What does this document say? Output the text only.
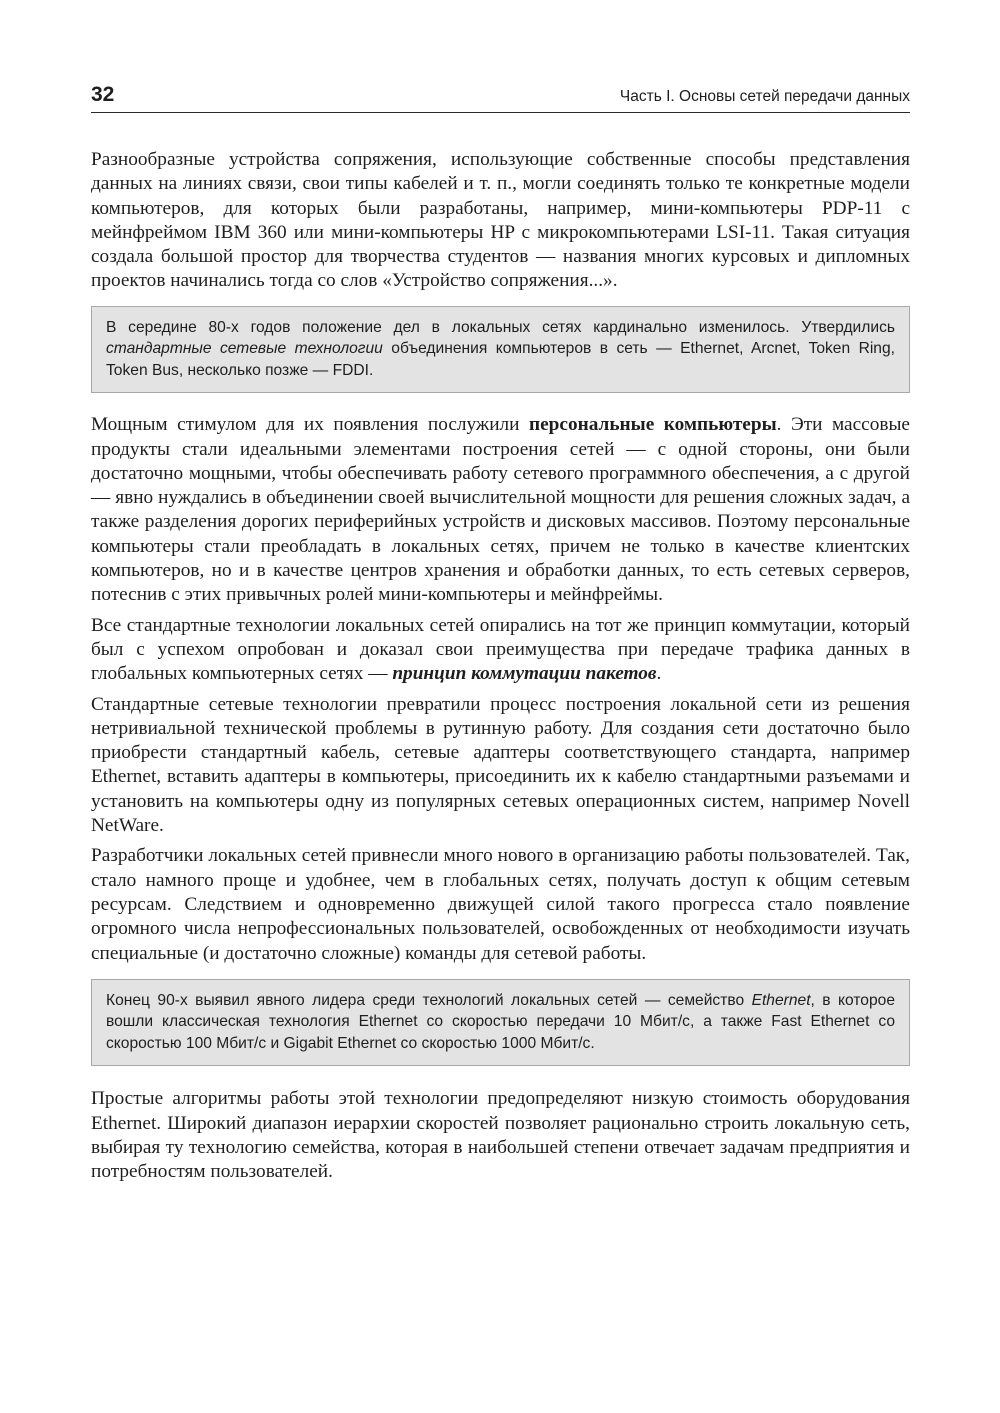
32	Часть I. Основы сетей передачи данных

Разнообразные устройства сопряжения, использующие собственные способы представления данных на линиях связи, свои типы кабелей и т. п., могли соединять только те конкретные модели компьютеров, для которых были разработаны, например, мини-компьютеры PDP-11 с мейнфреймом IBM 360 или мини-компьютеры HP с микрокомпьютерами LSI-11. Такая ситуация создала большой простор для творчества студентов — названия многих курсовых и дипломных проектов начинались тогда со слов «Устройство сопряжения...».

В середине 80-х годов положение дел в локальных сетях кардинально изменилось. Утвердились стандартные сетевые технологии объединения компьютеров в сеть — Ethernet, Arcnet, Token Ring, Token Bus, несколько позже — FDDI.

Мощным стимулом для их появления послужили персональные компьютеры. Эти массовые продукты стали идеальными элементами построения сетей — с одной стороны, они были достаточно мощными, чтобы обеспечивать работу сетевого программного обеспечения, а с другой — явно нуждались в объединении своей вычислительной мощности для решения сложных задач, а также разделения дорогих периферийных устройств и дисковых массивов. Поэтому персональные компьютеры стали преобладать в локальных сетях, причем не только в качестве клиентских компьютеров, но и в качестве центров хранения и обработки данных, то есть сетевых серверов, потеснив с этих привычных ролей мини-компьютеры и мейнфреймы.

Все стандартные технологии локальных сетей опирались на тот же принцип коммутации, который был с успехом опробован и доказал свои преимущества при передаче трафика данных в глобальных компьютерных сетях — принцип коммутации пакетов.

Стандартные сетевые технологии превратили процесс построения локальной сети из решения нетривиальной технической проблемы в рутинную работу. Для создания сети достаточно было приобрести стандартный кабель, сетевые адаптеры соответствующего стандарта, например Ethernet, вставить адаптеры в компьютеры, присоединить их к кабелю стандартными разъемами и установить на компьютеры одну из популярных сетевых операционных систем, например Novell NetWare.

Разработчики локальных сетей привнесли много нового в организацию работы пользователей. Так, стало намного проще и удобнее, чем в глобальных сетях, получать доступ к общим сетевым ресурсам. Следствием и одновременно движущей силой такого прогресса стало появление огромного числа непрофессиональных пользователей, освобожденных от необходимости изучать специальные (и достаточно сложные) команды для сетевой работы.

Конец 90-х выявил явного лидера среди технологий локальных сетей — семейство Ethernet, в которое вошли классическая технология Ethernet со скоростью передачи 10 Мбит/с, а также Fast Ethernet со скоростью 100 Мбит/с и Gigabit Ethernet со скоростью 1000 Мбит/с.

Простые алгоритмы работы этой технологии предопределяют низкую стоимость оборудования Ethernet. Широкий диапазон иерархии скоростей позволяет рационально строить локальную сеть, выбирая ту технологию семейства, которая в наибольшей степени отвечает задачам предприятия и потребностям пользователей.
